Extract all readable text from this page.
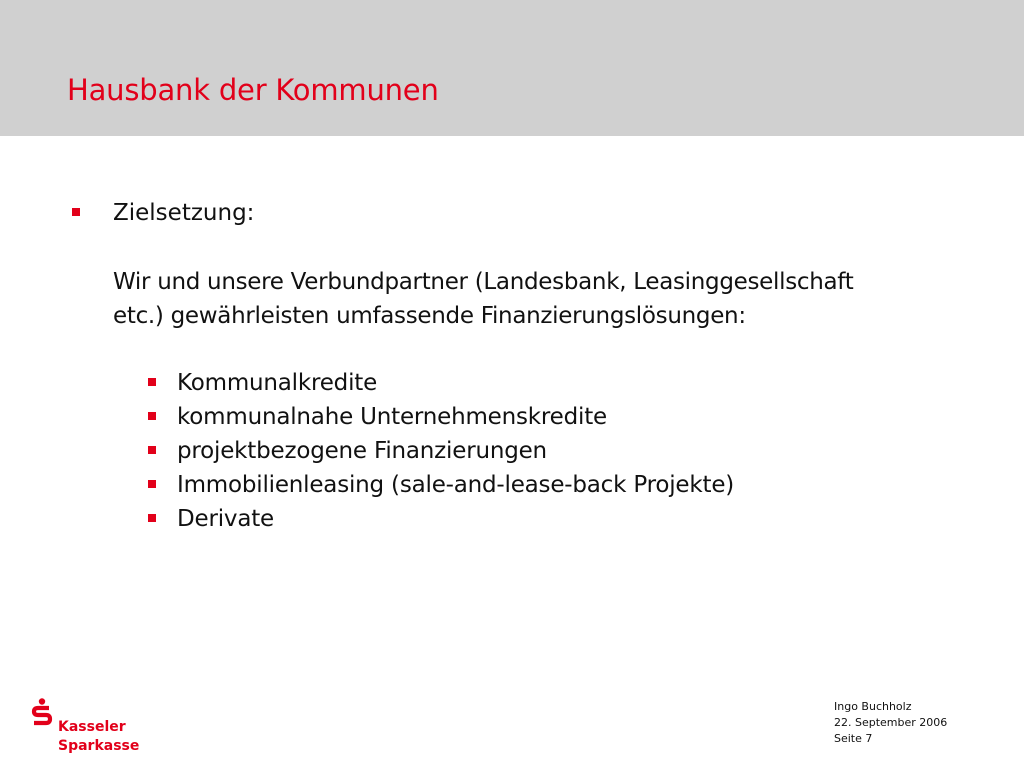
Hausbank der Kommunen
Zielsetzung:
Wir und unsere Verbundpartner (Landesbank, Leasinggesellschaft
etc.) gewährleisten umfassende Finanzierungslösungen:
Kommunalkredite
kommunalnahe Unternehmenskredite
projektbezogene Finanzierungen
Immobilienleasing (sale-and-lease-back Projekte)
Derivate
Kasseler
Sparkasse
Ingo Buchholz
22. September 2006
Seite 7
